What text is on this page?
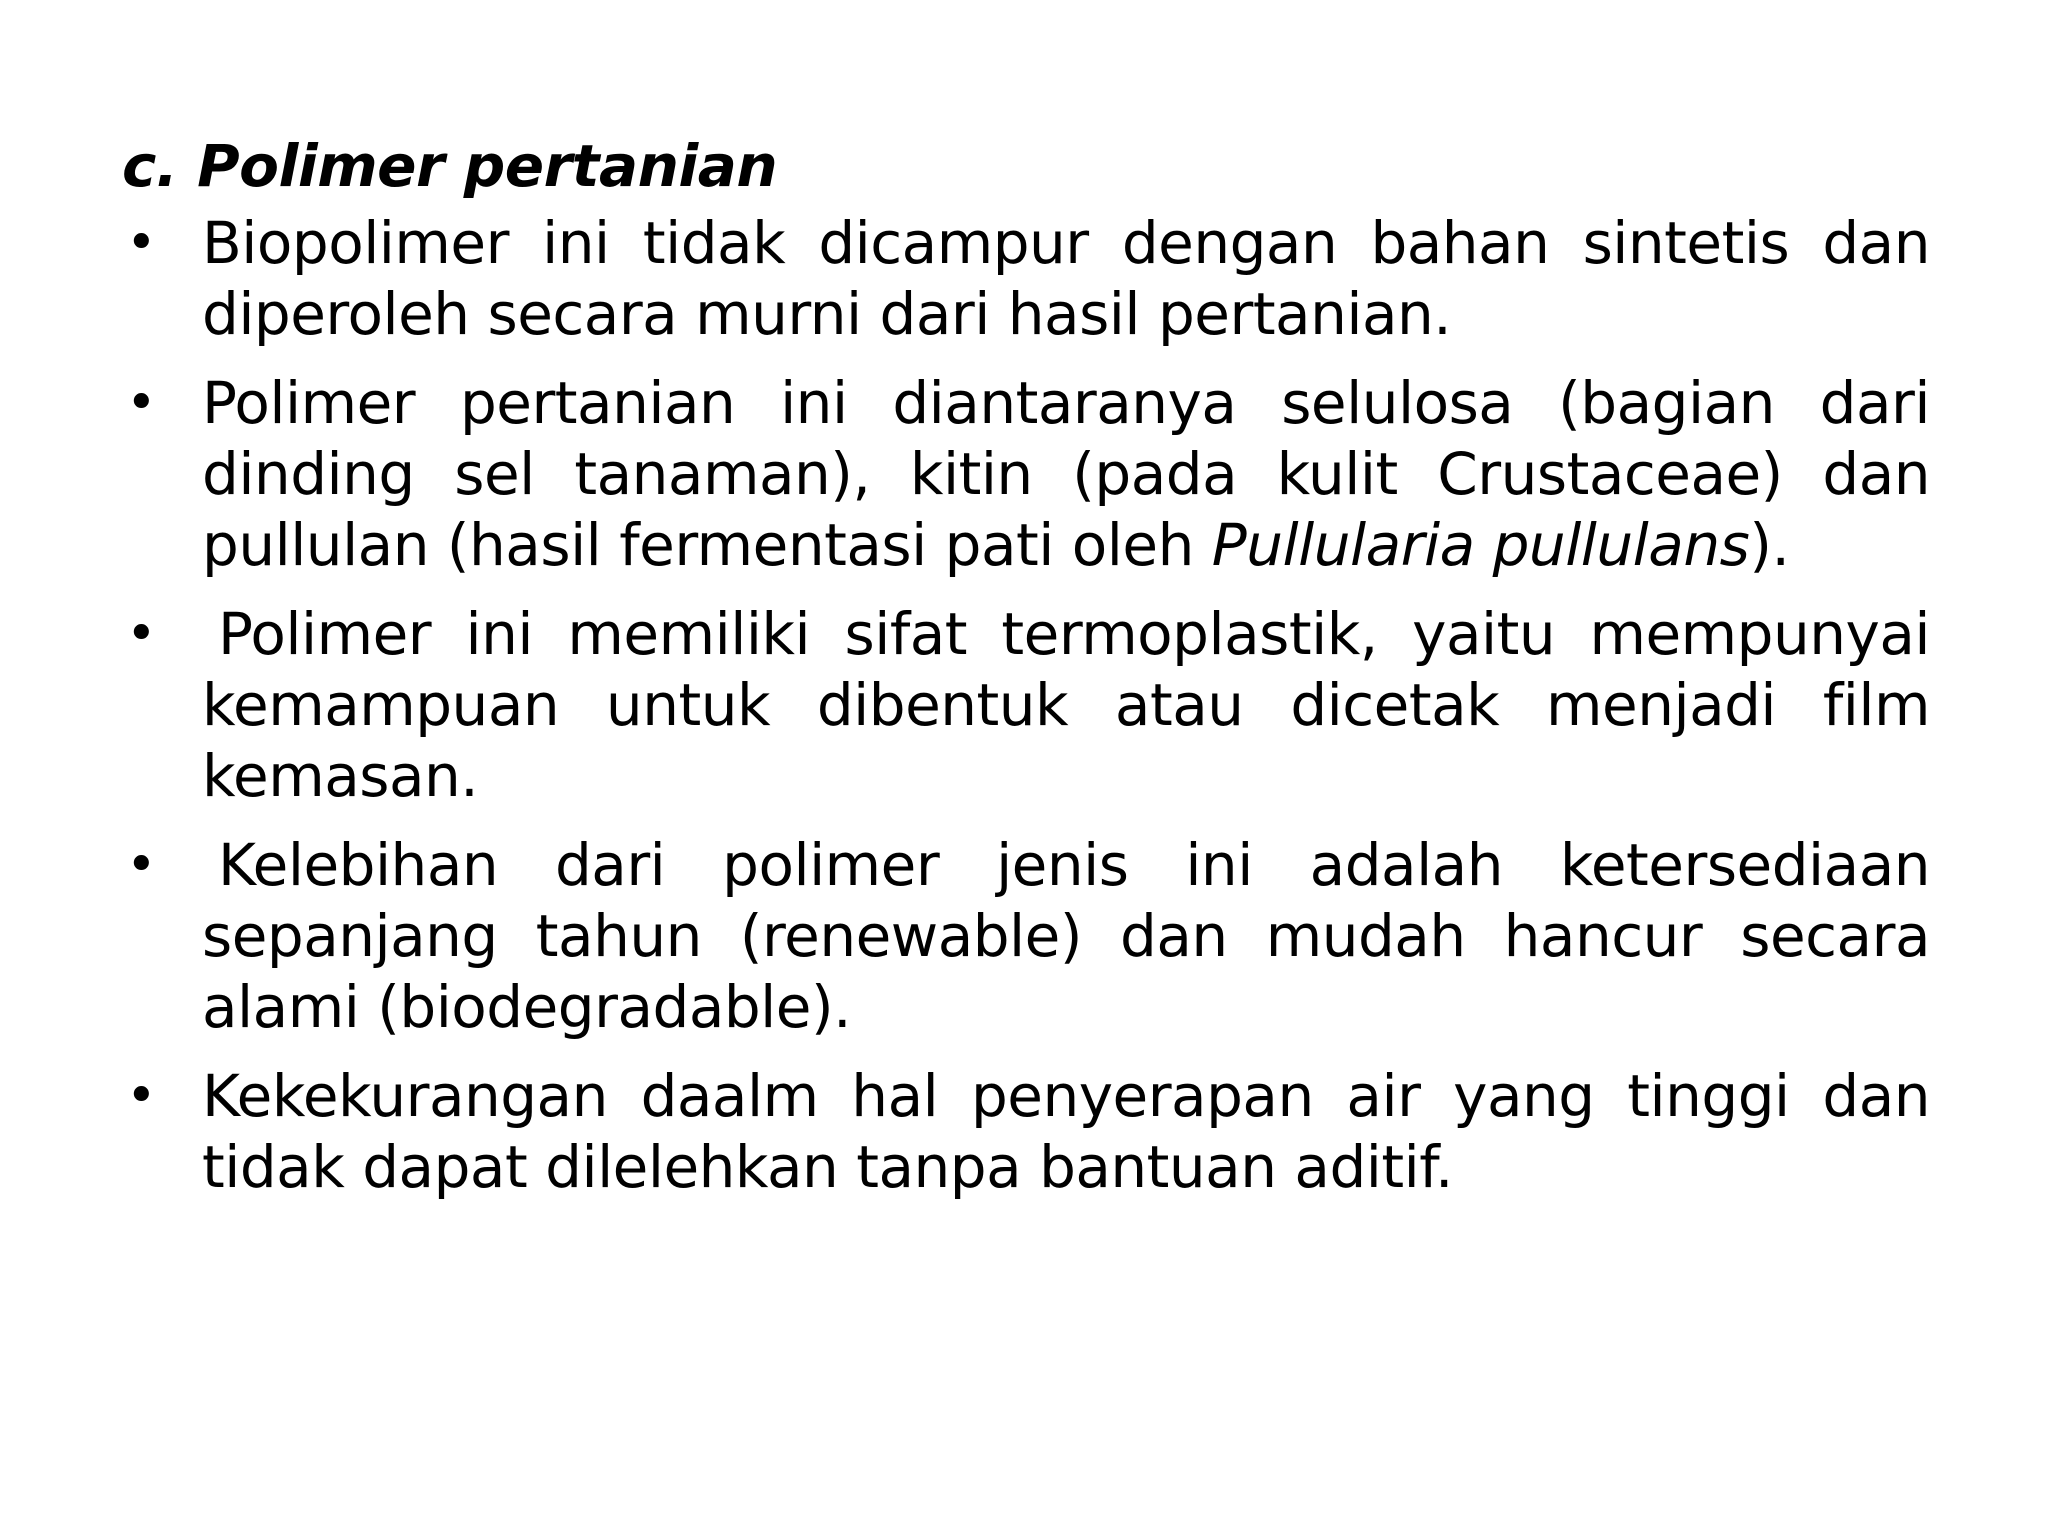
c. Polimer pertanian
• Biopolimer ini tidak dicampur dengan bahan sintetis dan diperoleh secara murni dari hasil pertanian.
• Polimer pertanian ini diantaranya selulosa (bagian dari dinding sel tanaman), kitin (pada kulit Crustaceae) dan pullulan (hasil fermentasi pati oleh Pullularia pullulans).
• Polimer ini memiliki sifat termoplastik, yaitu mempunyai kemampuan untuk dibentuk atau dicetak menjadi film kemasan.
• Kelebihan dari polimer jenis ini adalah ketersediaan sepanjang tahun (renewable) dan mudah hancur secara alami (biodegradable).
• Kekekurangan daalm hal penyerapan air yang tinggi dan tidak dapat dilelehkan tanpa bantuan aditif.
